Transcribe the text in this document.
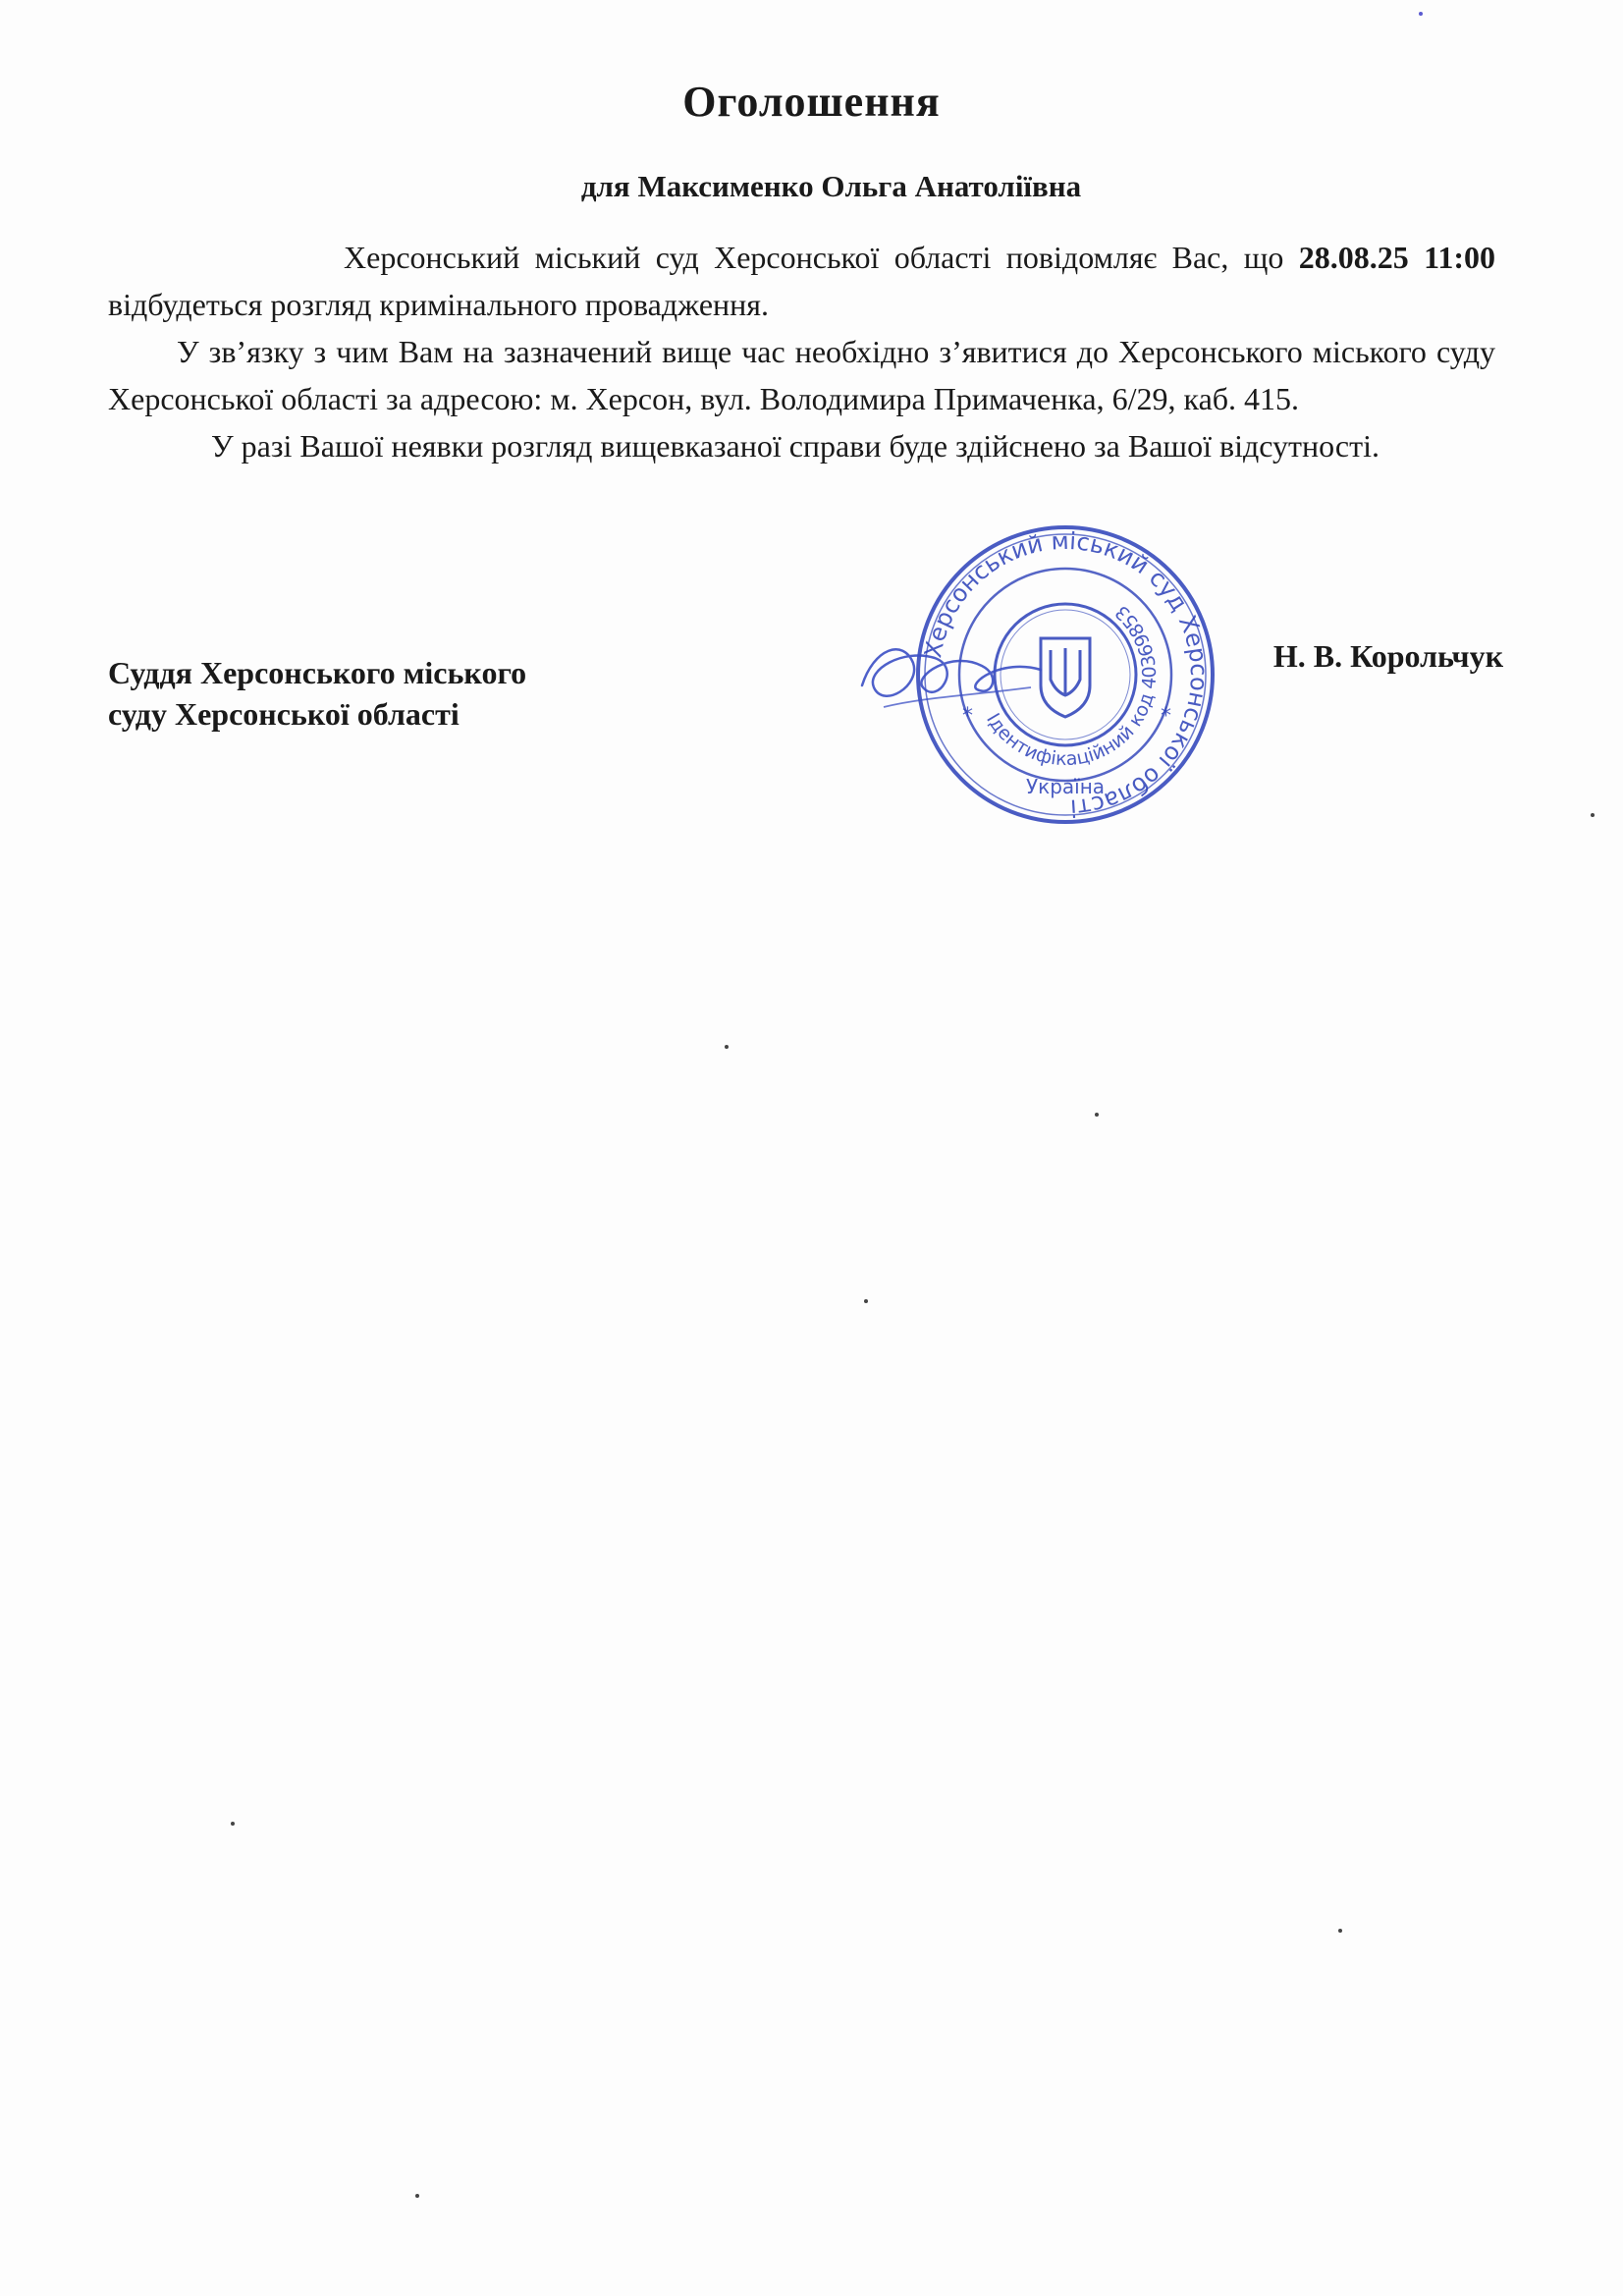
Оголошення
для Максименко Ольга Анатоліївна

Херсонський міський суд Херсонської області повідомляє Вас, що 28.08.25 11:00 відбудеться розгляд кримінального провадження.

У зв’язку з чим Вам на зазначений вище час необхідно з’явитися до Херсонського міського суду Херсонської області за адресою: м. Херсон, вул. Володимира Примаченка, 6/29, каб. 415.

У разі Вашої неявки розгляд вищевказаної справи буде здійснено за Вашої відсутності.

Суддя Херсонського міського
суду Херсонської області
Херсонський міський суд Херсонської області
Ідентифікаційний код 40369853
Україна
*	*
Н. В. Корольчук
